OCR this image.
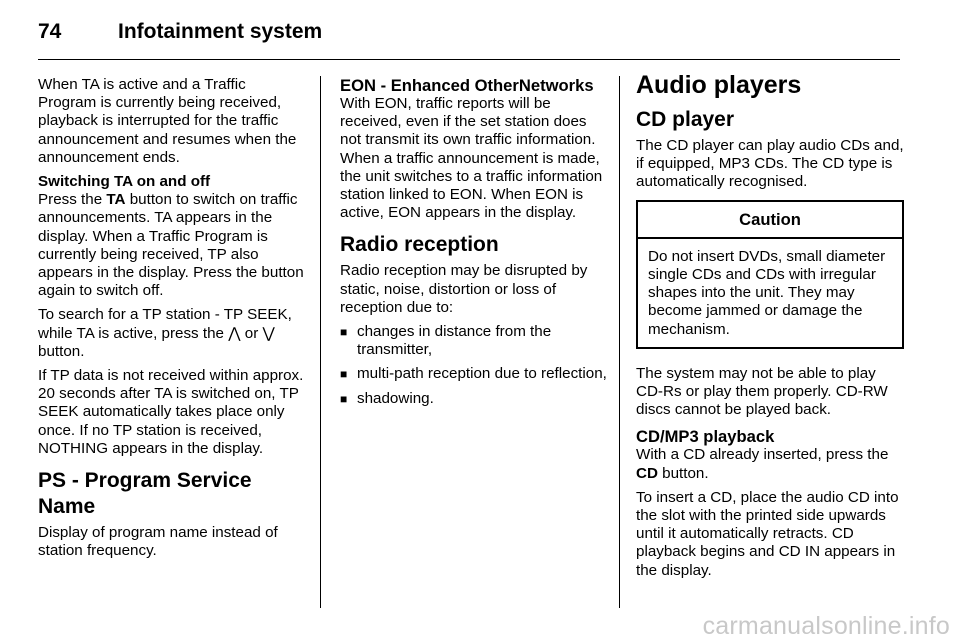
74	Infotainment system

When TA is active and a Traffic Program is currently being received, playback is interrupted for the traffic announcement and resumes when the announcement ends.

Switching TA on and off

Press the TA button to switch on traffic announcements. TA appears in the display. When a Traffic Program is currently being received, TP also appears in the display. Press the button again to switch off.

To search for a TP station - TP SEEK, while TA is active, press the ⋀ or ⋁ button.

If TP data is not received within approx. 20 seconds after TA is switched on, TP SEEK automatically takes place only once. If no TP station is received, NOTHING appears in the display.

PS - Program Service Name

Display of program name instead of station frequency.

EON - Enhanced OtherNetworks

With EON, traffic reports will be received, even if the set station does not transmit its own traffic information. When a traffic announcement is made, the unit switches to a traffic information station linked to EON. When EON is active, EON appears in the display.

Radio reception

Radio reception may be disrupted by static, noise, distortion or loss of reception due to:

■ changes in distance from the transmitter,
■ multi-path reception due to reflection,
■ shadowing.
Audio players
CD player

The CD player can play audio CDs and, if equipped, MP3 CDs. The CD type is automatically recognised.

Caution
Do not insert DVDs, small diameter single CDs and CDs with irregular shapes into the unit. They may become jammed or damage the mechanism.

The system may not be able to play CD-Rs or play them properly. CD-RW discs cannot be played back.

CD/MP3 playback

With a CD already inserted, press the CD button.

To insert a CD, place the audio CD into the slot with the printed side upwards until it automatically retracts. CD playback begins and CD IN appears in the display.

carmanualsonline.info
